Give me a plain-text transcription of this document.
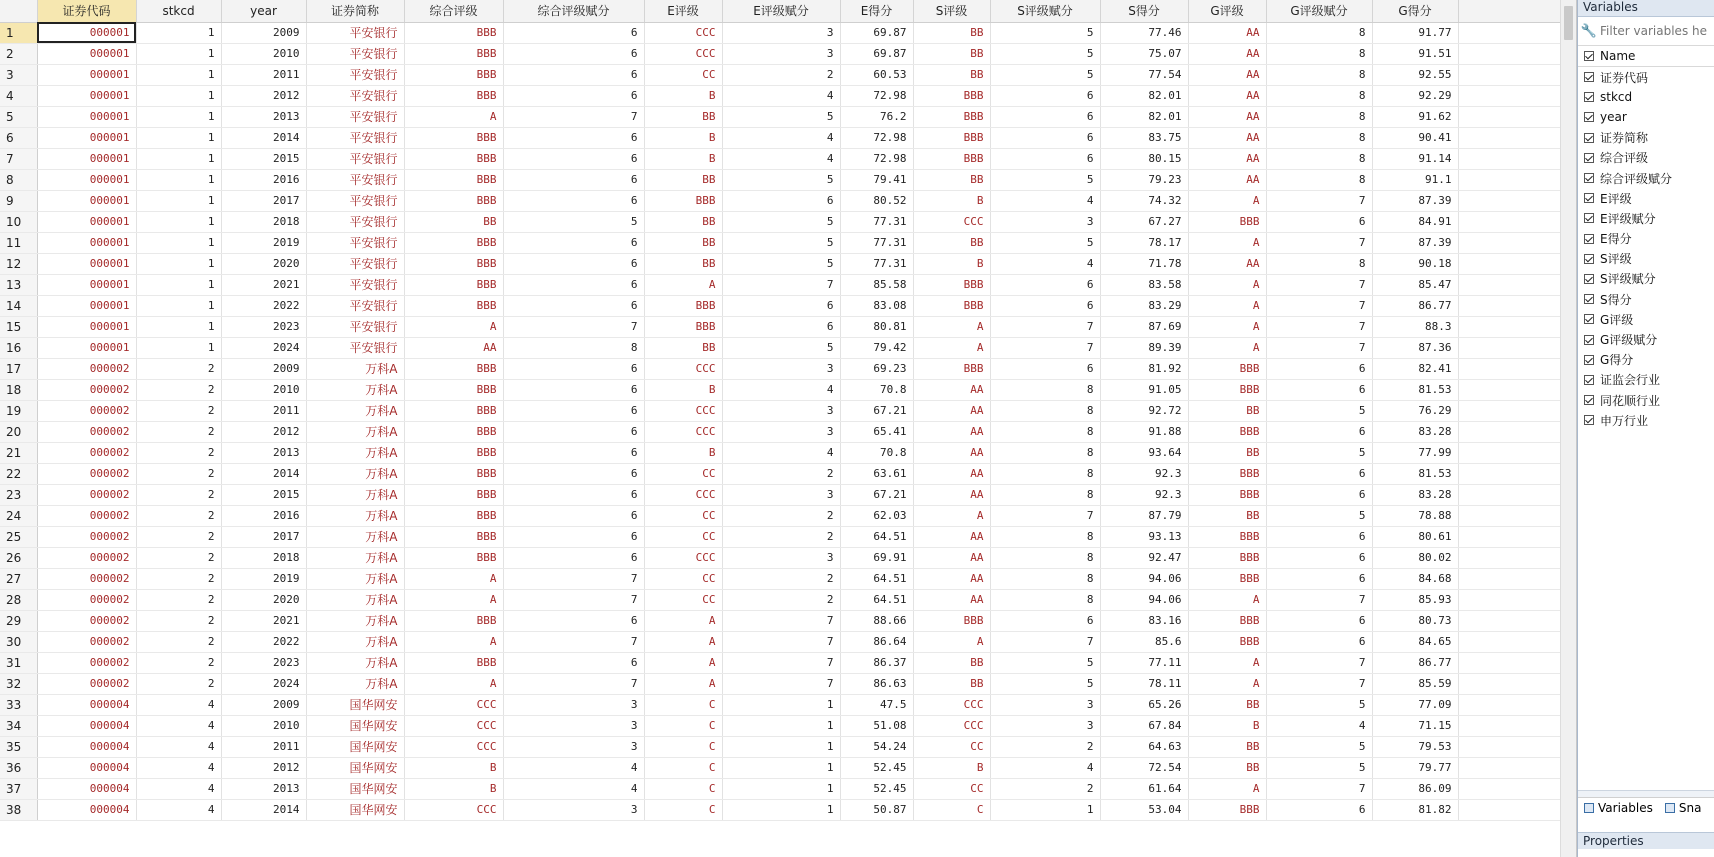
	证券代码	stkcd	year	证券简称	综合评级	综合评级赋分	E评级	E评级赋分	E得分	S评级	S评级赋分	S得分	G评级	G评级赋分	G得分	
1	000001	1	2009	平安银行	BBB	6	CCC	3	69.87	BB	5	77.46	AA	8	91.77	
2	000001	1	2010	平安银行	BBB	6	CCC	3	69.87	BB	5	75.07	AA	8	91.51	
3	000001	1	2011	平安银行	BBB	6	CC	2	60.53	BB	5	77.54	AA	8	92.55	
4	000001	1	2012	平安银行	BBB	6	B	4	72.98	BBB	6	82.01	AA	8	92.29	
5	000001	1	2013	平安银行	A	7	BB	5	76.2	BBB	6	82.01	AA	8	91.62	
6	000001	1	2014	平安银行	BBB	6	B	4	72.98	BBB	6	83.75	AA	8	90.41	
7	000001	1	2015	平安银行	BBB	6	B	4	72.98	BBB	6	80.15	AA	8	91.14	
8	000001	1	2016	平安银行	BBB	6	BB	5	79.41	BB	5	79.23	AA	8	91.1	
9	000001	1	2017	平安银行	BBB	6	BBB	6	80.52	B	4	74.32	A	7	87.39	
10	000001	1	2018	平安银行	BB	5	BB	5	77.31	CCC	3	67.27	BBB	6	84.91	
11	000001	1	2019	平安银行	BBB	6	BB	5	77.31	BB	5	78.17	A	7	87.39	
12	000001	1	2020	平安银行	BBB	6	BB	5	77.31	B	4	71.78	AA	8	90.18	
13	000001	1	2021	平安银行	BBB	6	A	7	85.58	BBB	6	83.58	A	7	85.47	
14	000001	1	2022	平安银行	BBB	6	BBB	6	83.08	BBB	6	83.29	A	7	86.77	
15	000001	1	2023	平安银行	A	7	BBB	6	80.81	A	7	87.69	A	7	88.3	
16	000001	1	2024	平安银行	AA	8	BB	5	79.42	A	7	89.39	A	7	87.36	
17	000002	2	2009	万科A	BBB	6	CCC	3	69.23	BBB	6	81.92	BBB	6	82.41	
18	000002	2	2010	万科A	BBB	6	B	4	70.8	AA	8	91.05	BBB	6	81.53	
19	000002	2	2011	万科A	BBB	6	CCC	3	67.21	AA	8	92.72	BB	5	76.29	
20	000002	2	2012	万科A	BBB	6	CCC	3	65.41	AA	8	91.88	BBB	6	83.28	
21	000002	2	2013	万科A	BBB	6	B	4	70.8	AA	8	93.64	BB	5	77.99	
22	000002	2	2014	万科A	BBB	6	CC	2	63.61	AA	8	92.3	BBB	6	81.53	
23	000002	2	2015	万科A	BBB	6	CCC	3	67.21	AA	8	92.3	BBB	6	83.28	
24	000002	2	2016	万科A	BBB	6	CC	2	62.03	A	7	87.79	BB	5	78.88	
25	000002	2	2017	万科A	BBB	6	CC	2	64.51	AA	8	93.13	BBB	6	80.61	
26	000002	2	2018	万科A	BBB	6	CCC	3	69.91	AA	8	92.47	BBB	6	80.02	
27	000002	2	2019	万科A	A	7	CC	2	64.51	AA	8	94.06	BBB	6	84.68	
28	000002	2	2020	万科A	A	7	CC	2	64.51	AA	8	94.06	A	7	85.93	
29	000002	2	2021	万科A	BBB	6	A	7	88.66	BBB	6	83.16	BBB	6	80.73	
30	000002	2	2022	万科A	A	7	A	7	86.64	A	7	85.6	BBB	6	84.65	
31	000002	2	2023	万科A	BBB	6	A	7	86.37	BB	5	77.11	A	7	86.77	
32	000002	2	2024	万科A	A	7	A	7	86.63	BB	5	78.11	A	7	85.59	
33	000004	4	2009	国华网安	CCC	3	C	1	47.5	CCC	3	65.26	BB	5	77.09	
34	000004	4	2010	国华网安	CCC	3	C	1	51.08	CCC	3	67.84	B	4	71.15	
35	000004	4	2011	国华网安	CCC	3	C	1	54.24	CC	2	64.63	BB	5	79.53	
36	000004	4	2012	国华网安	B	4	C	1	52.45	B	4	72.54	BB	5	79.77	
37	000004	4	2013	国华网安	B	4	C	1	52.45	CC	2	61.64	A	7	86.09	
38	000004	4	2014	国华网安	CCC	3	C	1	50.87	C	1	53.04	BBB	6	81.82	
Variables
🔧
Filter variables he
Name
证券代码
stkcd
year
证券简称
综合评级
综合评级赋分
E评级
E评级赋分
E得分
S评级
S评级赋分
S得分
G评级
G评级赋分
G得分
证监会行业
同花顺行业
申万行业
Variables Sna
Properties
